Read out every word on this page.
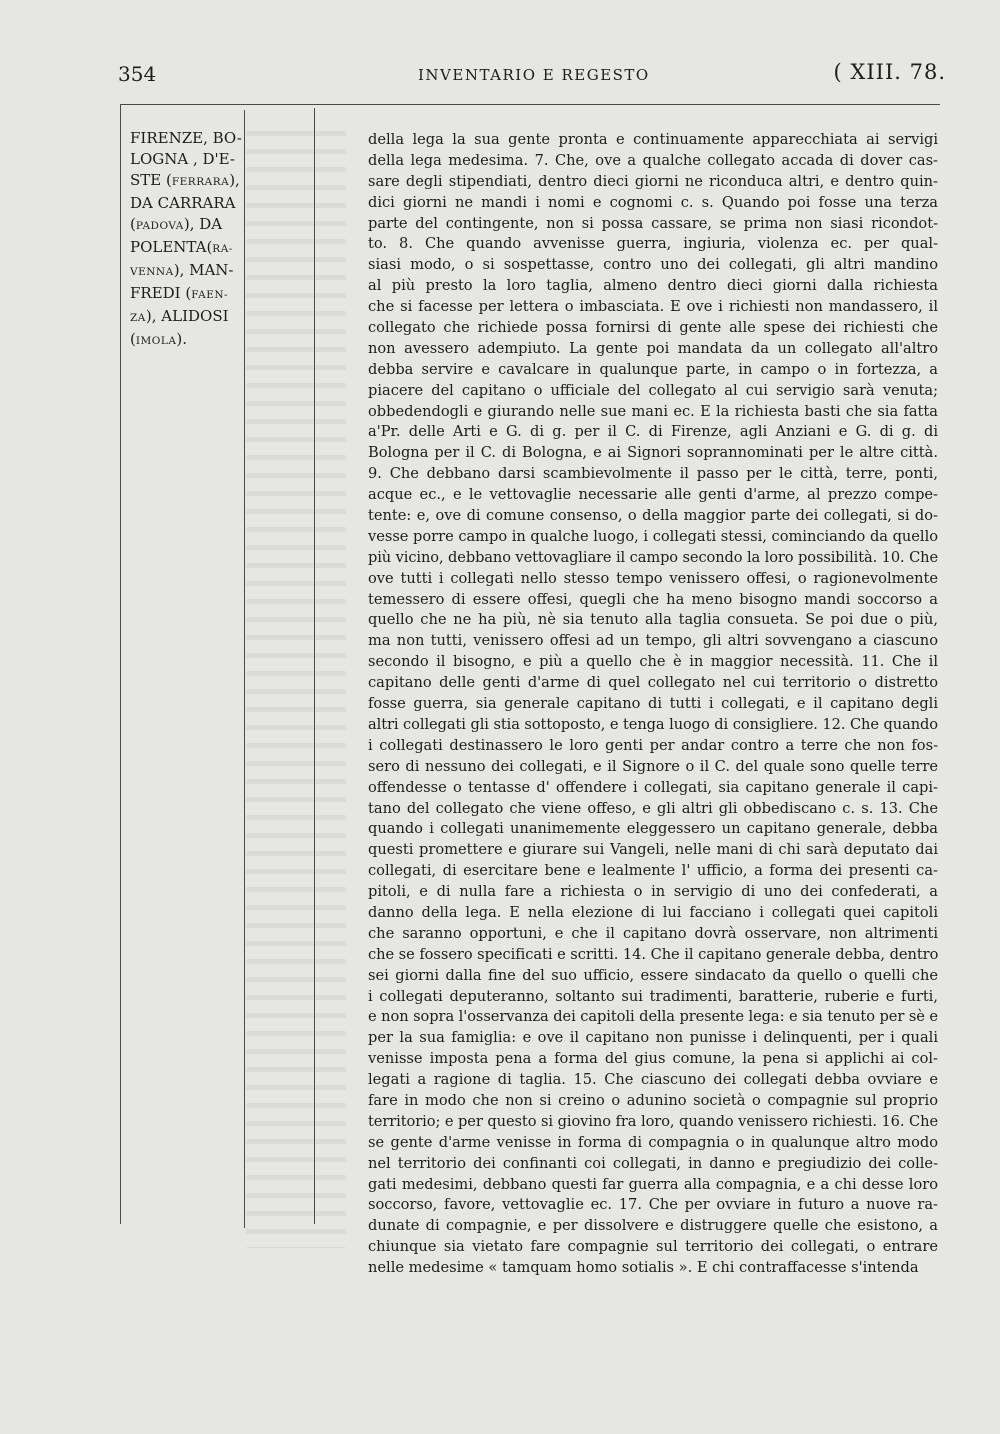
354	INVENTARIO E REGESTO	( XIII. 78.
FIRENZE, BO-
LOGNA , D'E-
STE (FERRARA),
DA CARRARA
(PADOVA), DA
POLENTA(RA-
VENNA), MAN-
FREDI (FAEN-
ZA), ALIDOSI
(IMOLA).
della lega la sua gente pronta e continuamente apparecchiata ai servigi
della lega medesima. 7. Che, ove a qualche collegato accada di dover cas-
sare degli stipendiati, dentro dieci giorni ne riconduca altri, e dentro quin-
dici giorni ne mandi i nomi e cognomi c. s. Quando poi fosse una terza
parte del contingente, non si possa cassare, se prima non siasi ricondot-
to. 8. Che quando avvenisse guerra, ingiuria, violenza ec. per qual-
siasi modo, o si sospettasse, contro uno dei collegati, gli altri mandino
al più presto la loro taglia, almeno dentro dieci giorni dalla richiesta
che si facesse per lettera o imbasciata. E ove i richiesti non mandassero, il
collegato che richiede possa fornirsi di gente alle spese dei richiesti che
non avessero adempiuto. La gente poi mandata da un collegato all'altro
debba servire e cavalcare in qualunque parte, in campo o in fortezza, a
piacere del capitano o ufficiale del collegato al cui servigio sarà venuta;
obbedendogli e giurando nelle sue mani ec. E la richiesta basti che sia fatta
a'Pr. delle Arti e G. di g. per il C. di Firenze, agli Anziani e G. di g. di
Bologna per il C. di Bologna, e ai Signori soprannominati per le altre città.
9. Che debbano darsi scambievolmente il passo per le città, terre, ponti,
acque ec., e le vettovaglie necessarie alle genti d'arme, al prezzo compe-
tente: e, ove di comune consenso, o della maggior parte dei collegati, si do-
vesse porre campo in qualche luogo, i collegati stessi, cominciando da quello
più vicino, debbano vettovagliare il campo secondo la loro possibilità. 10. Che
ove tutti i collegati nello stesso tempo venissero offesi, o ragionevolmente
temessero di essere offesi, quegli che ha meno bisogno mandi soccorso a
quello che ne ha più, nè sia tenuto alla taglia consueta. Se poi due o più,
ma non tutti, venissero offesi ad un tempo, gli altri sovvengano a ciascuno
secondo il bisogno, e più a quello che è in maggior necessità. 11. Che il
capitano delle genti d'arme di quel collegato nel cui territorio o distretto
fosse guerra, sia generale capitano di tutti i collegati, e il capitano degli
altri collegati gli stia sottoposto, e tenga luogo di consigliere. 12. Che quando
i collegati destinassero le loro genti per andar contro a terre che non fos-
sero di nessuno dei collegati, e il Signore o il C. del quale sono quelle terre
offendesse o tentasse d' offendere i collegati, sia capitano generale il capi-
tano del collegato che viene offeso, e gli altri gli obbediscano c. s. 13. Che
quando i collegati unanimemente eleggessero un capitano generale, debba
questi promettere e giurare sui Vangeli, nelle mani di chi sarà deputato dai
collegati, di esercitare bene e lealmente l' ufficio, a forma dei presenti ca-
pitoli, e di nulla fare a richiesta o in servigio di uno dei confederati, a
danno della lega. E nella elezione di lui facciano i collegati quei capitoli
che saranno opportuni, e che il capitano dovrà osservare, non altrimenti
che se fossero specificati e scritti. 14. Che il capitano generale debba, dentro
sei giorni dalla fine del suo ufficio, essere sindacato da quello o quelli che
i collegati deputeranno, soltanto sui tradimenti, baratterie, ruberie e furti,
e non sopra l'osservanza dei capitoli della presente lega: e sia tenuto per sè e
per la sua famiglia: e ove il capitano non punisse i delinquenti, per i quali
venisse imposta pena a forma del gius comune, la pena si applichi ai col-
legati a ragione di taglia. 15. Che ciascuno dei collegati debba ovviare e
fare in modo che non si creino o adunino società o compagnie sul proprio
territorio; e per questo si giovino fra loro, quando venissero richiesti. 16. Che
se gente d'arme venisse in forma di compagnia o in qualunque altro modo
nel territorio dei confinanti coi collegati, in danno e pregiudizio dei colle-
gati medesimi, debbano questi far guerra alla compagnia, e a chi desse loro
soccorso, favore, vettovaglie ec. 17. Che per ovviare in futuro a nuove ra-
dunate di compagnie, e per dissolvere e distruggere quelle che esistono, a
chiunque sia vietato fare compagnie sul territorio dei collegati, o entrare
nelle medesime « tamquam homo sotialis ». E chi contraffacesse s'intenda
